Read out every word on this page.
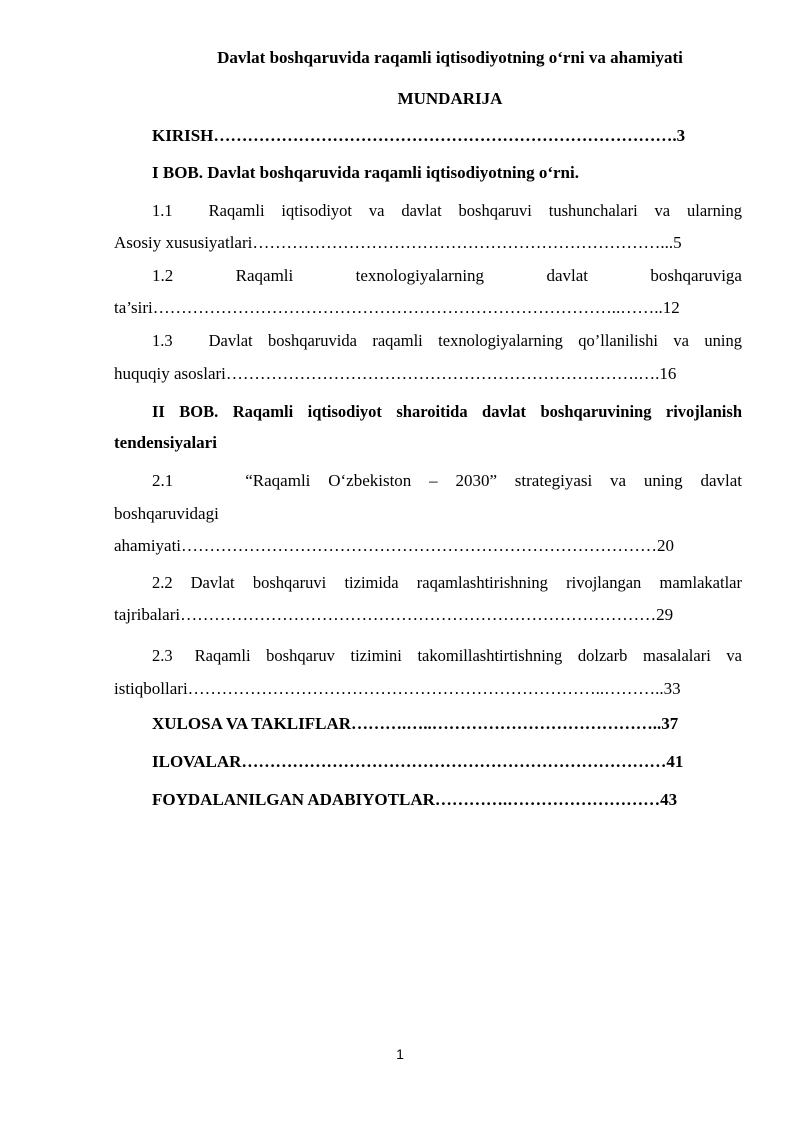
Davlat boshqaruvida raqamli iqtisodiyotning o‘rni va ahamiyati
MUNDARIJA
KIRISH……………………………………………………………………….3
I BOB. Davlat boshqaruvida raqamli iqtisodiyotning o‘rni.
1.1 Raqamli iqtisodiyot va davlat boshqaruvi tushunchalari va ularning
Asosiy xususiyatlari………………………………………………………………...5
1.2	Raqamli	texnologiyalarning	davlat	boshqaruviga
ta’siri………………………………………………………………………..……..12
1.3 Davlat boshqaruvida raqamli texnologiyalarning qo’llanilishi va uning
huquqiy asoslari……………………………………………………………….….16
II BOB. Raqamli iqtisodiyot sharoitida davlat boshqaruvining rivojlanish
tendensiyalari
2.1	“Raqamli O‘zbekiston – 2030” strategiyasi va uning davlat
boshqaruvidagi
ahamiyati…………………………………………………………………………20
2.2 Davlat boshqaruvi tizimida raqamlashtirishning rivojlangan mamlakatlar
tajribalari…………………………………………………………………………29
2.3 Raqamli boshqaruv tizimini takomillashtirtishning dolzarb masalalari va
istiqbollari………………………………………………………………..………..33
XULOSA VA TAKLIFLAR……….…..…………………………………..37
ILOVALAR…………………………………………………………………41
FOYDALANILGAN ADABIYOTLAR………….………………………43
1
